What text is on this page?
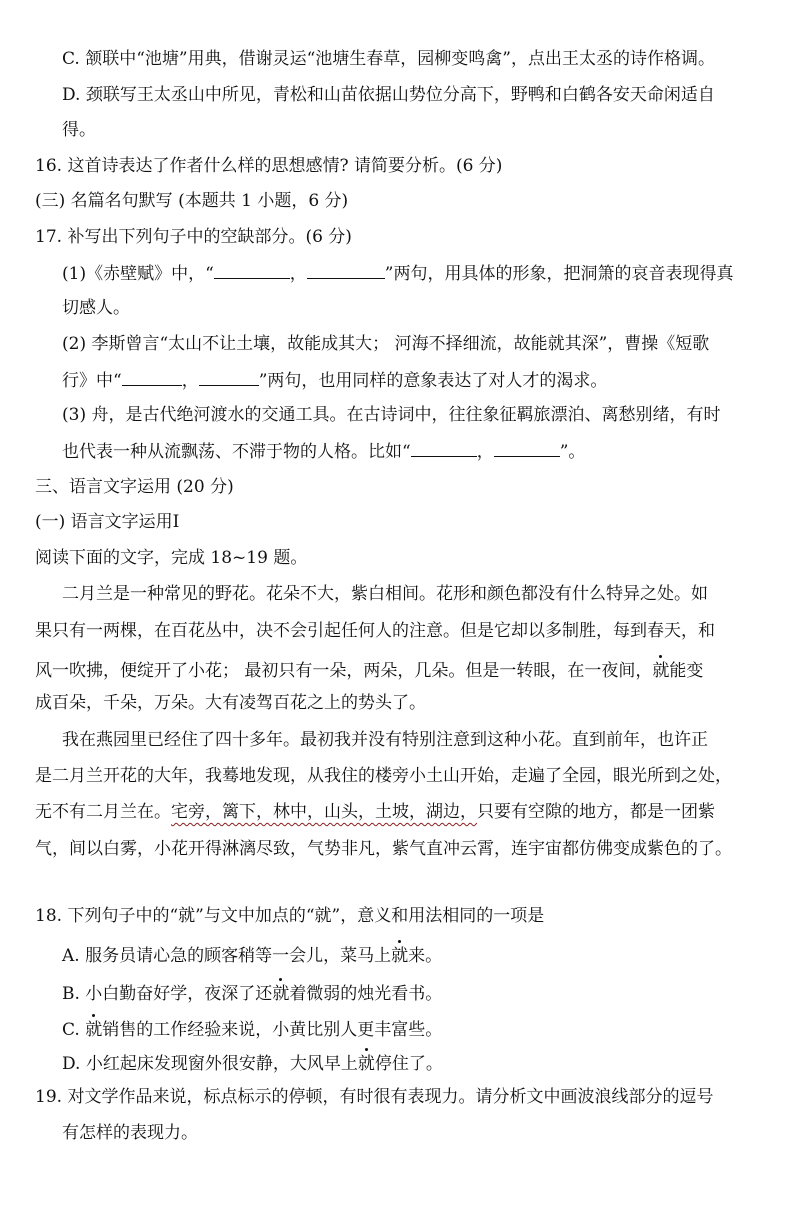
C. 颔联中“池塘”用典，借谢灵运“池塘生春草，园柳变鸣禽”，点出王太丞的诗作格调。
D. 颈联写王太丞山中所见，青松和山苗依据山势位分高下，野鸭和白鹤各安天命闲适自
得。
16. 这首诗表达了作者什么样的思想感情? 请简要分析。(6 分)
(三) 名篇名句默写 (本题共 1 小题，6 分)
17. 补写出下列句子中的空缺部分。(6 分)
(1)《赤壁赋》中，“	，	”两句，用具体的形象，把洞箫的哀音表现得真
切感人。
(2) 李斯曾言“太山不让土壤，故能成其大； 河海不择细流，故能就其深”，曹操《短歌
行》中“	，	”两句，也用同样的意象表达了对人才的渴求。
(3) 舟，是古代绝河渡水的交通工具。在古诗词中，往往象征羁旅漂泊、离愁别绪，有时
也代表一种从流飘荡、不滞于物的人格。比如“	，	”。
三、语言文字运用 (20 分)
(一) 语言文字运用Ⅰ
阅读下面的文字，完成 18~19 题。
二月兰是一种常见的野花。花朵不大，紫白相间。花形和颜色都没有什么特异之处。如
果只有一两棵，在百花丛中，决不会引起任何人的注意。但是它却以多制胜，每到春天，和
风一吹拂，便绽开了小花； 最初只有一朵，两朵，几朵。但是一转眼，在一夜间，就能变
成百朵，千朵，万朵。大有凌驾百花之上的势头了。
我在燕园里已经住了四十多年。最初我并没有特别注意到这种小花。直到前年，也许正
是二月兰开花的大年，我蓦地发现，从我住的楼旁小土山开始，走遍了全园，眼光所到之处，
无不有二月兰在。宅旁，篱下，林中，山头，土坡，湖边，只要有空隙的地方，都是一团紫
气，间以白雾，小花开得淋漓尽致，气势非凡，紫气直冲云霄，连宇宙都仿佛变成紫色的了。
18. 下列句子中的“就”与文中加点的“就”，意义和用法相同的一项是
A. 服务员请心急的顾客稍等一会儿，菜马上就来。
B. 小白勤奋好学，夜深了还就着微弱的烛光看书。
C. 就销售的工作经验来说，小黄比别人更丰富些。
D. 小红起床发现窗外很安静，大风早上就停住了。
19. 对文学作品来说，标点标示的停顿，有时很有表现力。请分析文中画波浪线部分的逗号
有怎样的表现力。
